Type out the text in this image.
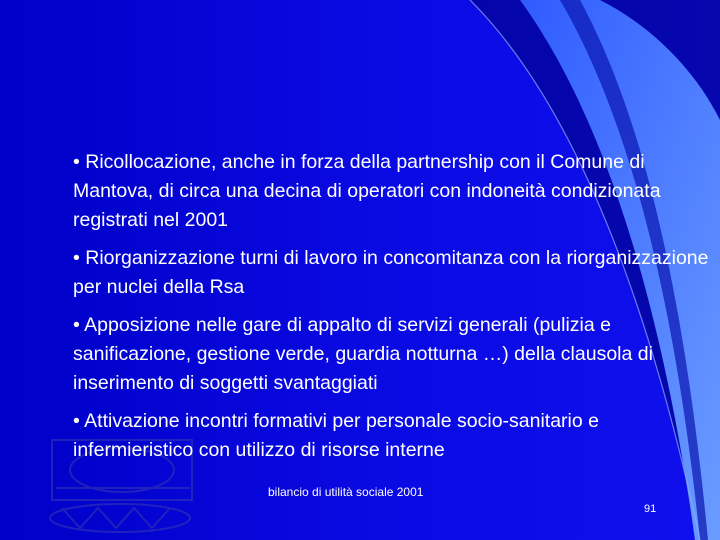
• Ricollocazione, anche in forza della partnership con il Comune di Mantova, di circa una decina di operatori con indoneità condizionata registrati nel 2001
• Riorganizzazione turni di lavoro in concomitanza con la riorganizzazione per nuclei della Rsa
• Apposizione nelle gare di appalto di servizi generali (pulizia e sanificazione, gestione verde, guardia notturna …) della clausola di inserimento di soggetti svantaggiati
• Attivazione incontri formativi per personale socio-sanitario e infermieristico con utilizzo di risorse interne
bilancio di utilità sociale 2001
91
